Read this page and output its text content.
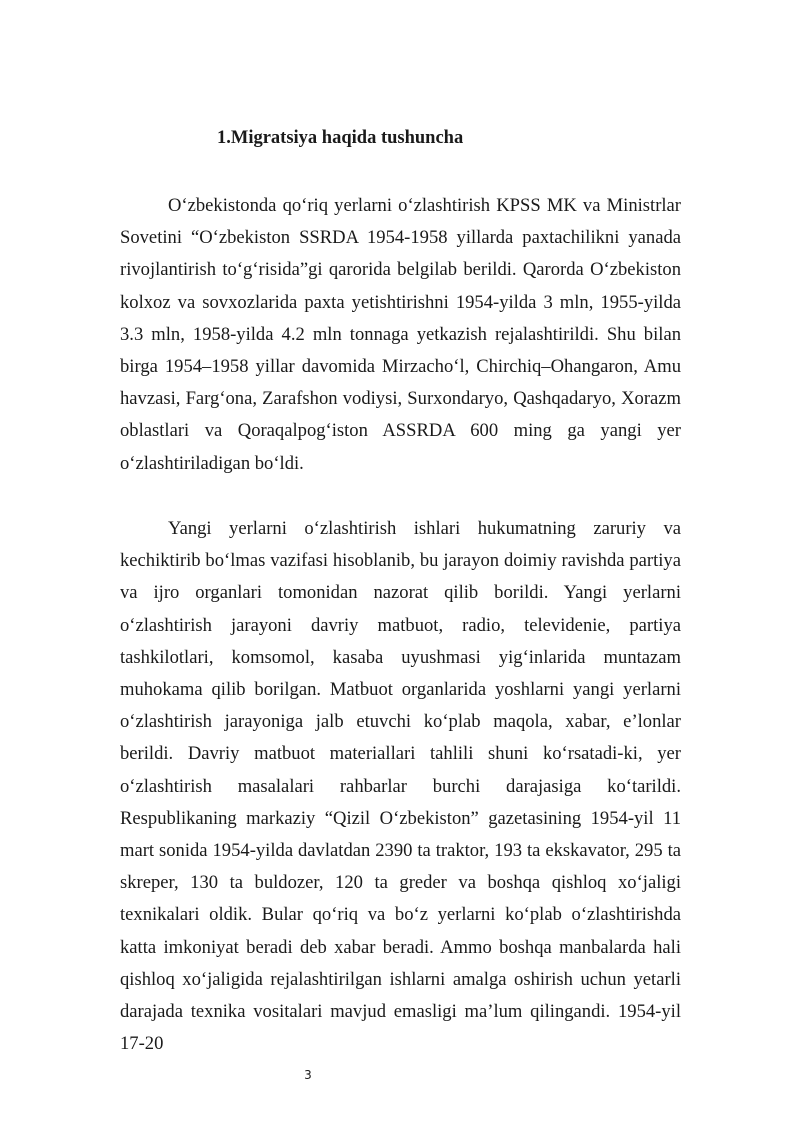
1.Migratsiya haqida tushuncha

O‘zbekistonda qo‘riq yerlarni o‘zlashtirish KPSS MK va Ministrlar Sovetini “O‘zbekiston SSRDA 1954-1958 yillarda paxtachilikni yanada rivojlantirish to‘g‘risida”gi qarorida belgilab berildi. Qarorda O‘zbekiston kolxoz va sovxozlarida paxta yetishtirishni 1954-yilda 3 mln, 1955-yilda 3.3 mln, 1958-yilda 4.2 mln tonnaga yetkazish rejalashtirildi. Shu bilan birga 1954–1958 yillar davomida Mirzacho‘l, Chirchiq–Ohangaron, Amu havzasi, Farg‘ona, Zarafshon vodiysi, Surxondaryo, Qashqadaryo, Xorazm oblastlari va Qoraqalpog‘iston ASSRDA 600 ming ga yangi yer o‘zlashtiriladigan bo‘ldi.

Yangi yerlarni o‘zlashtirish ishlari hukumatning zaruriy va kechiktirib bo‘lmas vazifasi hisoblanib, bu jarayon doimiy ravishda partiya va ijro organlari tomonidan nazorat qilib borildi. Yangi yerlarni o‘zlashtirish jarayoni davriy matbuot, radio, televidenie, partiya tashkilotlari, komsomol, kasaba uyushmasi yig‘inlarida muntazam muhokama qilib borilgan. Matbuot organlarida yoshlarni yangi yerlarni o‘zlashtirish jarayoniga jalb etuvchi ko‘plab maqola, xabar, e’lonlar berildi. Davriy matbuot materiallari tahlili shuni ko‘rsatadi-ki, yer o‘zlashtirish masalalari rahbarlar burchi darajasiga ko‘tarildi. Respublikaning markaziy “Qizil O‘zbekiston” gazetasining 1954-yil 11 mart sonida 1954-yilda davlatdan 2390 ta traktor, 193 ta ekskavator, 295 ta skreper, 130 ta buldozer, 120 ta greder va boshqa qishloq xo‘jaligi texnikalari oldik. Bular qo‘riq va bo‘z yerlarni ko‘plab o‘zlashtirishda katta imkoniyat beradi deb xabar beradi. Ammo boshqa manbalarda hali qishloq xo‘jaligida rejalashtirilgan ishlarni amalga oshirish uchun yetarli darajada texnika vositalari mavjud emasligi ma’lum qilingandi. 1954-yil 17-20

3
